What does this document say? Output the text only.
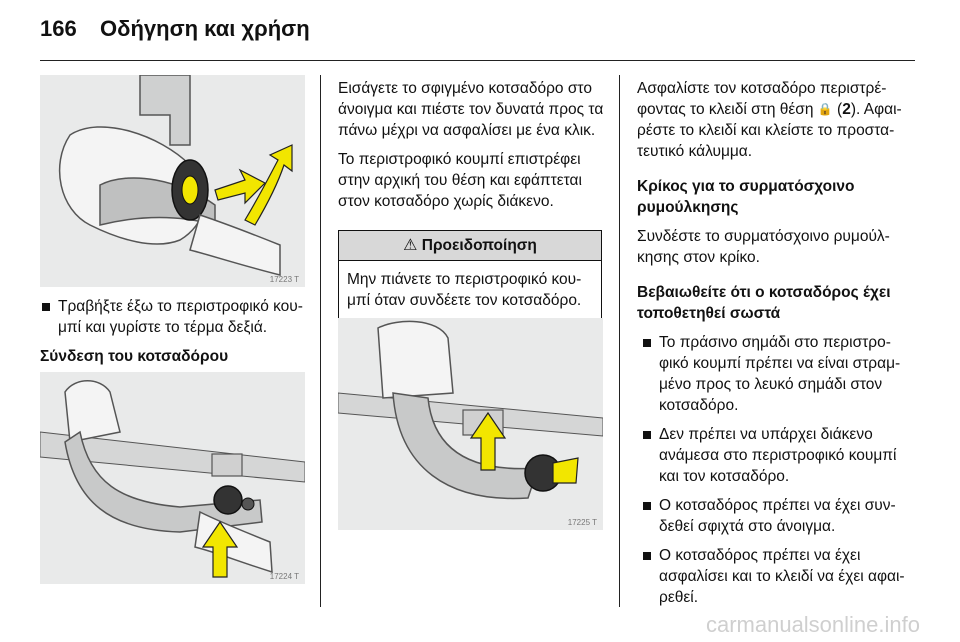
166 Οδήγηση και χρήση
17223 T

Τραβήξτε έξω το περιστροφικό κου-μπί και γυρίστε το τέρμα δεξιά.

Σύνδεση του κοτσαδόρου

17224 T

Εισάγετε το σφιγμένο κοτσαδόρο στο άνοιγμα και πιέστε τον δυνατά προς τα πάνω μέχρι να ασφαλίσει με ένα κλικ.

Το περιστροφικό κουμπί επιστρέφει στην αρχική του θέση και εφάπτεται στον κοτσαδόρο χωρίς διάκενο.

⚠ Προειδοποίηση
Μην πιάνετε το περιστροφικό κου-μπί όταν συνδέετε τον κοτσαδόρο.
17225 T

Ασφαλίστε τον κοτσαδόρο περιστρέ-φοντας το κλειδί στη θέση 🔒 (2). Αφαι-ρέστε το κλειδί και κλείστε το προστα-τευτικό κάλυμμα.

Κρίκος για το συρματόσχοινο ρυμούλκησης

Συνδέστε το συρματόσχοινο ρυμούλ-κησης στον κρίκο.

Βεβαιωθείτε ότι ο κοτσαδόρος έχει τοποθετηθεί σωστά

Το πράσινο σημάδι στο περιστρο-φικό κουμπί πρέπει να είναι στραμ-μένο προς το λευκό σημάδι στον κοτσαδόρο.

Δεν πρέπει να υπάρχει διάκενο ανάμεσα στο περιστροφικό κουμπί και τον κοτσαδόρο.

Ο κοτσαδόρος πρέπει να έχει συν-δεθεί σφιχτά στο άνοιγμα.

Ο κοτσαδόρος πρέπει να έχει ασφαλίσει και το κλειδί να έχει αφαι-ρεθεί.

carmanualsonline.info
